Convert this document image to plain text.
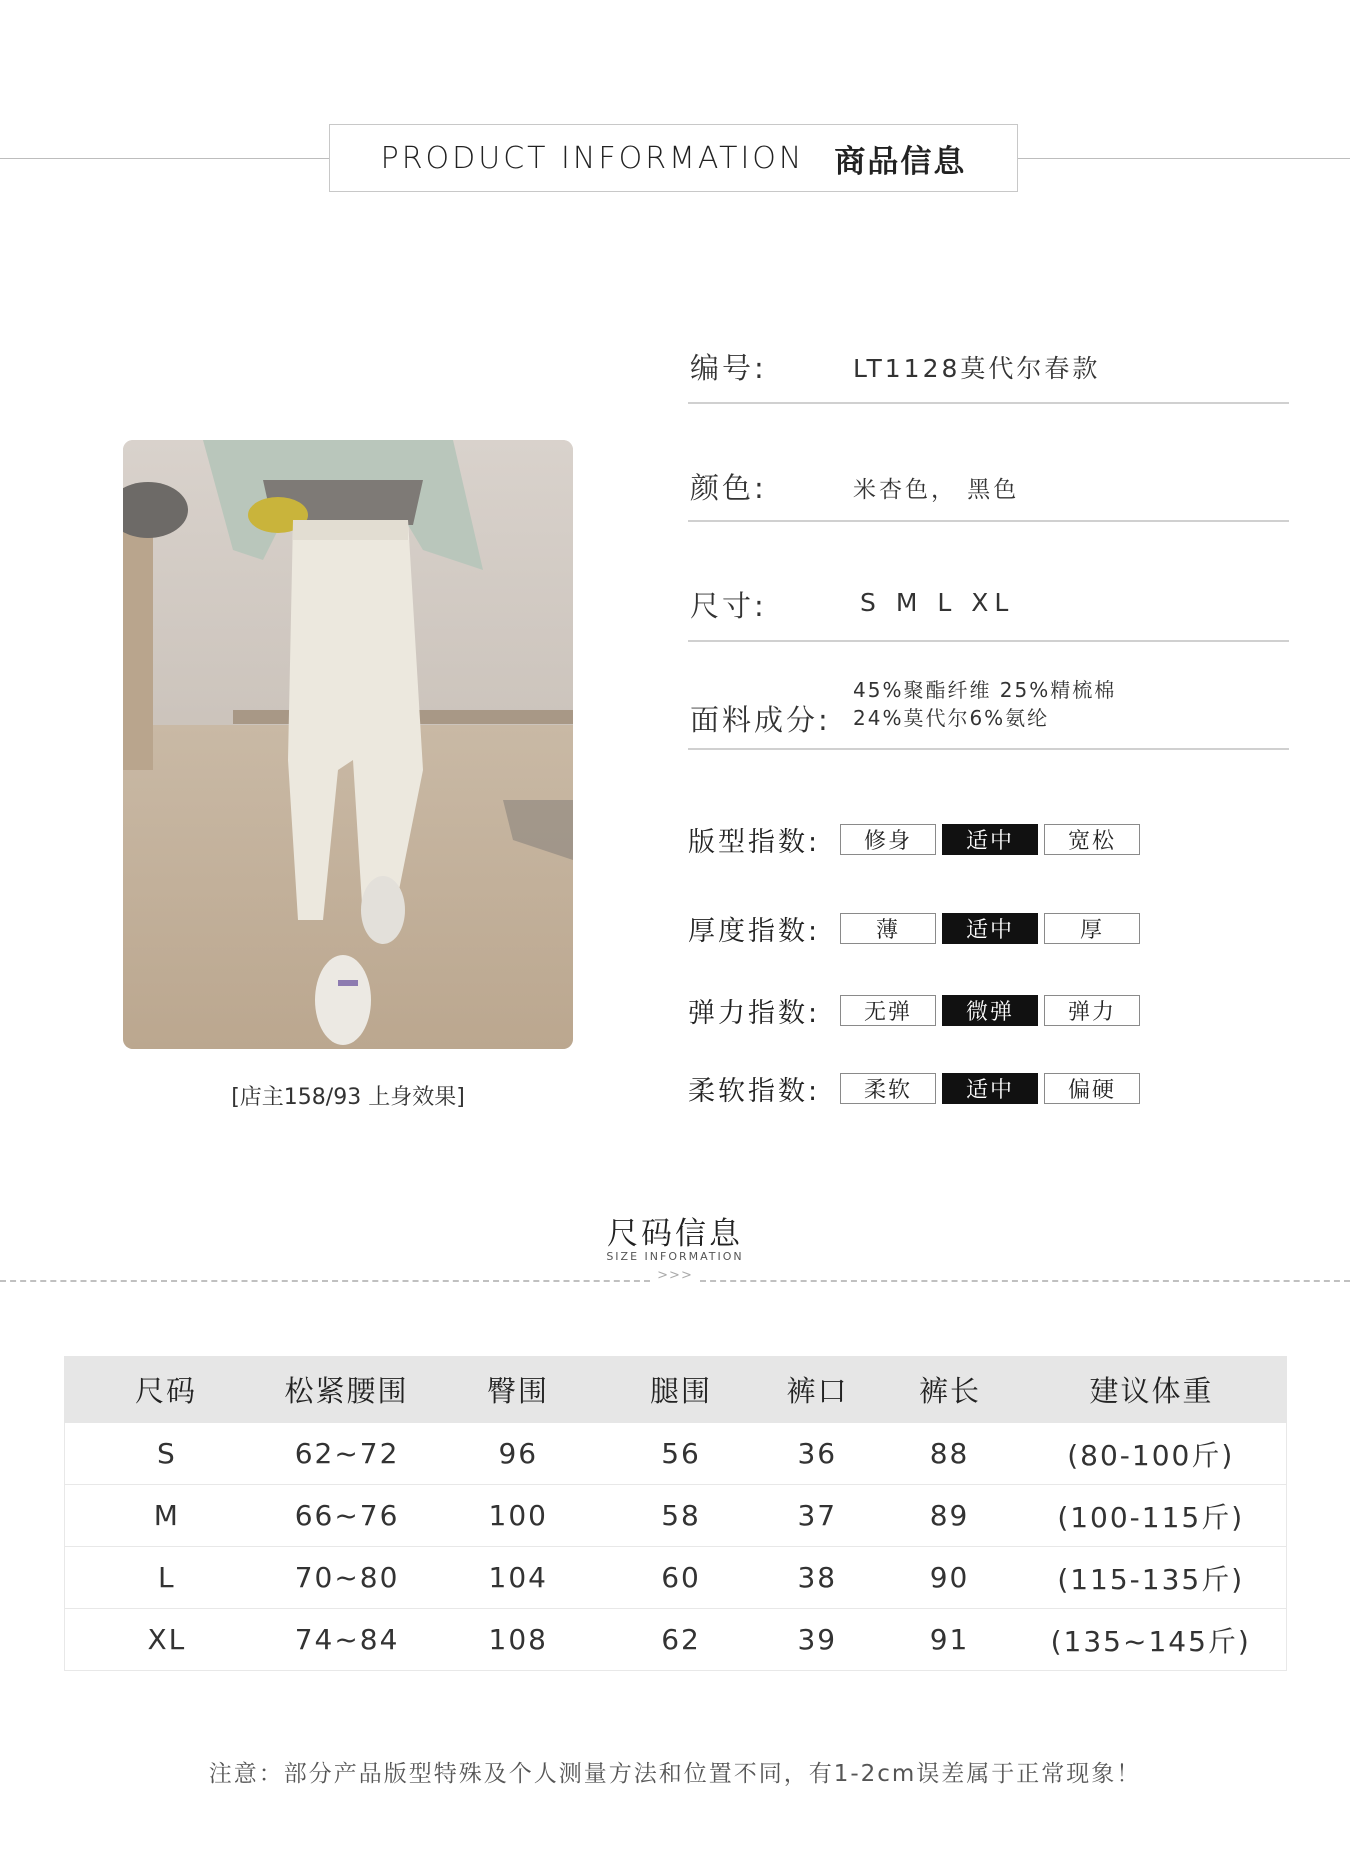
PRODUCT INFORMATION 商品信息
[店主158/93 上身效果]
编号:	LT1128莫代尔春款
颜色:	米杏色， 黑色
尺寸:	S M L XL
面料成分:
45%聚酯纤维 25%精梳棉
24%莫代尔6%氨纶
版型指数:	修身	适中	宽松
厚度指数:	薄	适中	厚
弹力指数:	无弹	微弹	弹力
柔软指数:	柔软	适中	偏硬
尺码信息
SIZE INFORMATION
>>>
尺码	松紧腰围	臀围	腿围	裤口	裤长	建议体重
S	62~72	96	56	36	88	(80-100斤)
M	66~76	100	58	37	89	(100-115斤)
L	70~80	104	60	38	90	(115-135斤)
XL	74~84	108	62	39	91	(135~145斤)
注意：部分产品版型特殊及个人测量方法和位置不同，有1-2cm误差属于正常现象！
